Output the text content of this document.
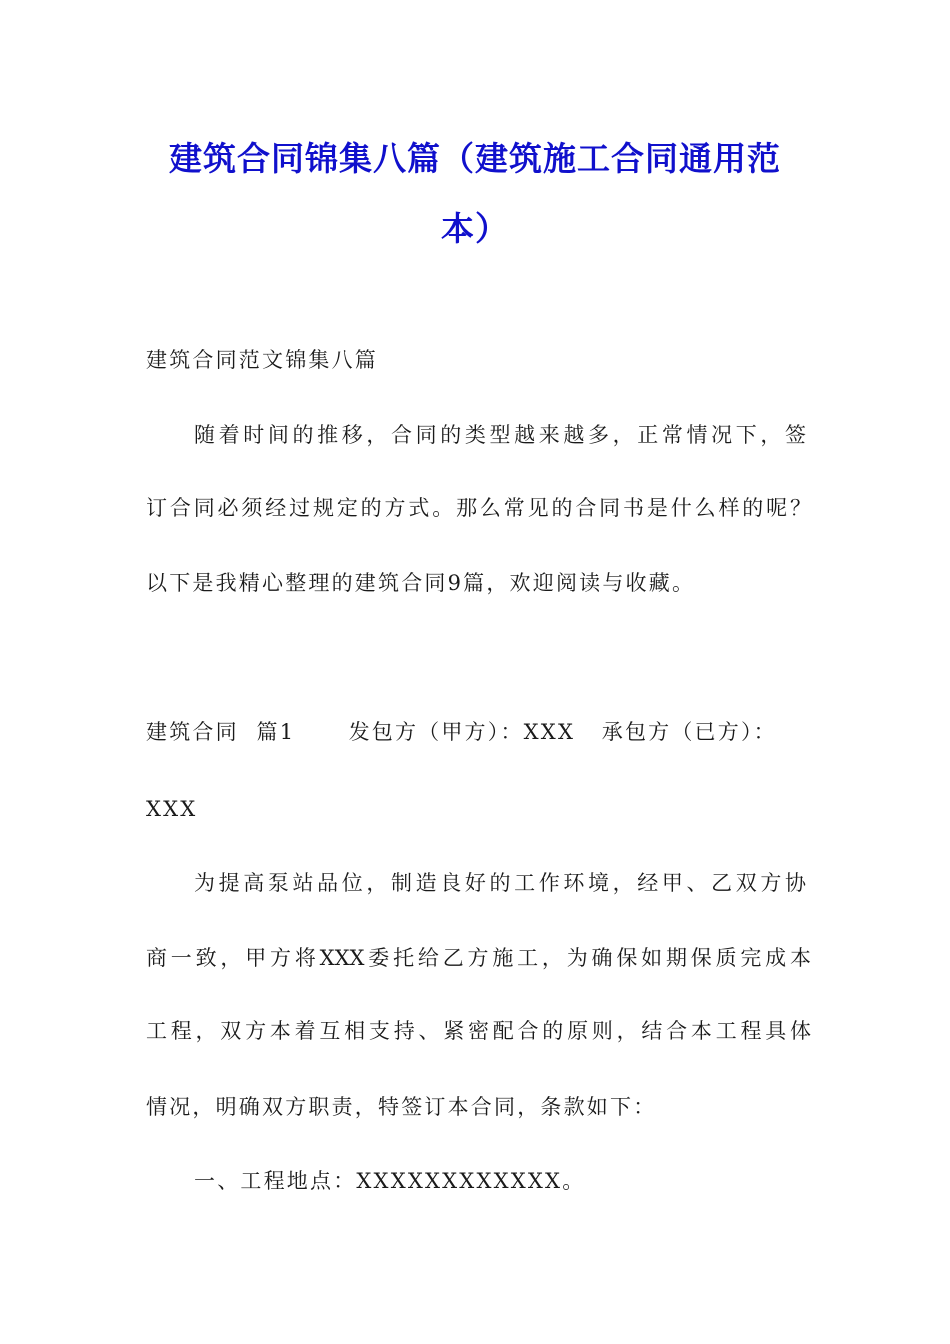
建筑合同锦集八篇（建筑施工合同通用范
本）
建筑合同范文锦集八篇
随着时间的推移，合同的类型越来越多，正常情况下，签
订合同必须经过规定的方式。那么常见的合同书是什么样的呢？
以下是我精心整理的建筑合同9篇，欢迎阅读与收藏。
建筑合同  篇1      发包方（甲方）：XXX   承包方（已方）：
XXX
为提高泵站品位，制造良好的工作环境，经甲、乙双方协
商一致，甲方将XXX委托给乙方施工，为确保如期保质完成本
工程，双方本着互相支持、紧密配合的原则，结合本工程具体
情况，明确双方职责，特签订本合同，条款如下：
一、工程地点：XXXXXXXXXXXX。
